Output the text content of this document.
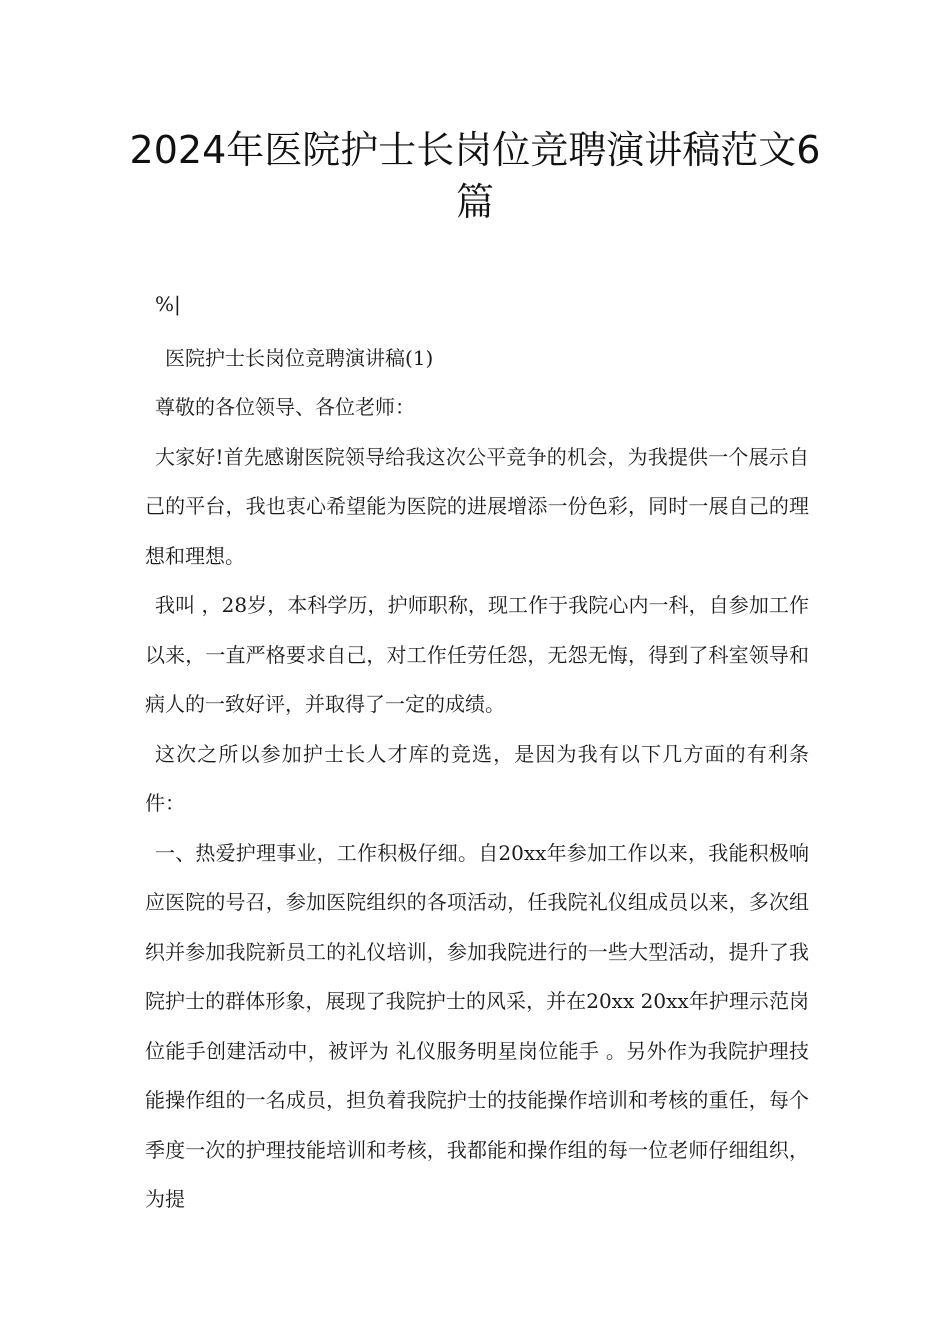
2024年医院护士长岗位竞聘演讲稿范文6篇

%|

医院护士长岗位竞聘演讲稿(1)

尊敬的各位领导、各位老师：

大家好!首先感谢医院领导给我这次公平竞争的机会，为我提供一个展示自己的平台，我也衷心希望能为医院的进展增添一份色彩，同时一展自己的理想和理想。

我叫 ，28岁，本科学历，护师职称，现工作于我院心内一科，自参加工作以来，一直严格要求自己，对工作任劳任怨，无怨无悔，得到了科室领导和病人的一致好评，并取得了一定的成绩。

这次之所以参加护士长人才库的竞选，是因为我有以下几方面的有利条件：

一、热爱护理事业，工作积极仔细。自20xx年参加工作以来，我能积极响应医院的号召，参加医院组织的各项活动，任我院礼仪组成员以来，多次组织并参加我院新员工的礼仪培训，参加我院进行的一些大型活动，提升了我院护士的群体形象，展现了我院护士的风采，并在20xx 20xx年护理示范岗位能手创建活动中，被评为 礼仪服务明星岗位能手 。另外作为我院护理技能操作组的一名成员，担负着我院护士的技能操作培训和考核的重任，每个季度一次的护理技能培训和考核，我都能和操作组的每一位老师仔细组织，为提
